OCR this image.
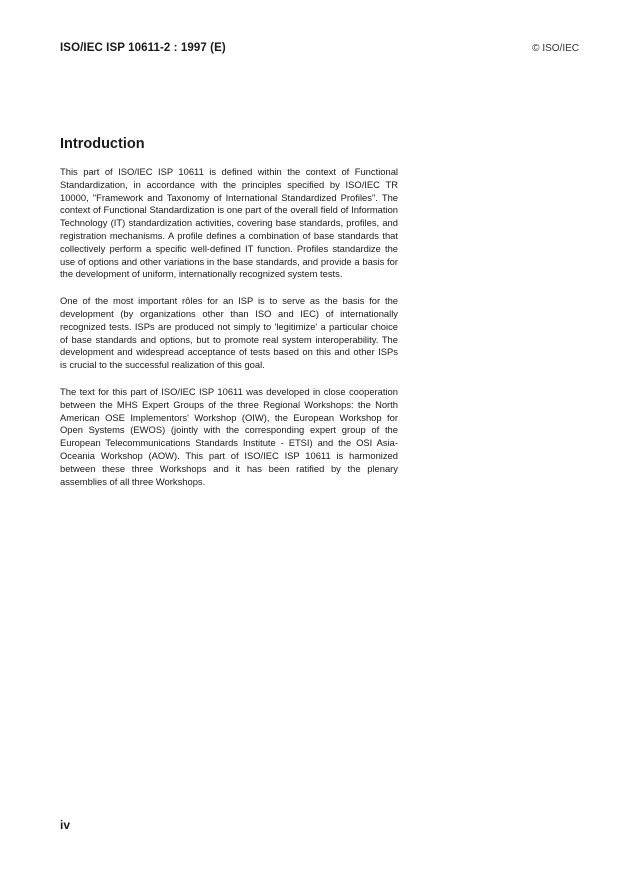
ISO/IEC ISP 10611-2 : 1997 (E)	© ISO/IEC
Introduction

This part of ISO/IEC ISP 10611 is defined within the context of Functional Standardization, in accordance with the principles specified by ISO/IEC TR 10000, "Framework and Taxonomy of International Standardized Profiles". The context of Functional Standardization is one part of the overall field of Information Technology (IT) standardization activities, covering base standards, profiles, and registration mechanisms. A profile defines a combination of base standards that collectively perform a specific well-defined IT function. Profiles standardize the use of options and other variations in the base standards, and provide a basis for the development of uniform, internationally recognized system tests.

One of the most important rôles for an ISP is to serve as the basis for the development (by organizations other than ISO and IEC) of internationally recognized tests. ISPs are produced not simply to 'legitimize' a particular choice of base standards and options, but to promote real system interoperability. The development and widespread acceptance of tests based on this and other ISPs is crucial to the successful realization of this goal.

The text for this part of ISO/IEC ISP 10611 was developed in close cooperation between the MHS Expert Groups of the three Regional Workshops: the North American OSE Implementors' Workshop (OIW), the European Workshop for Open Systems (EWOS) (jointly with the corresponding expert group of the European Telecommunications Standards Institute - ETSI) and the OSI Asia-Oceania Workshop (AOW). This part of ISO/IEC ISP 10611 is harmonized between these three Workshops and it has been ratified by the plenary assemblies of all three Workshops.

iv
